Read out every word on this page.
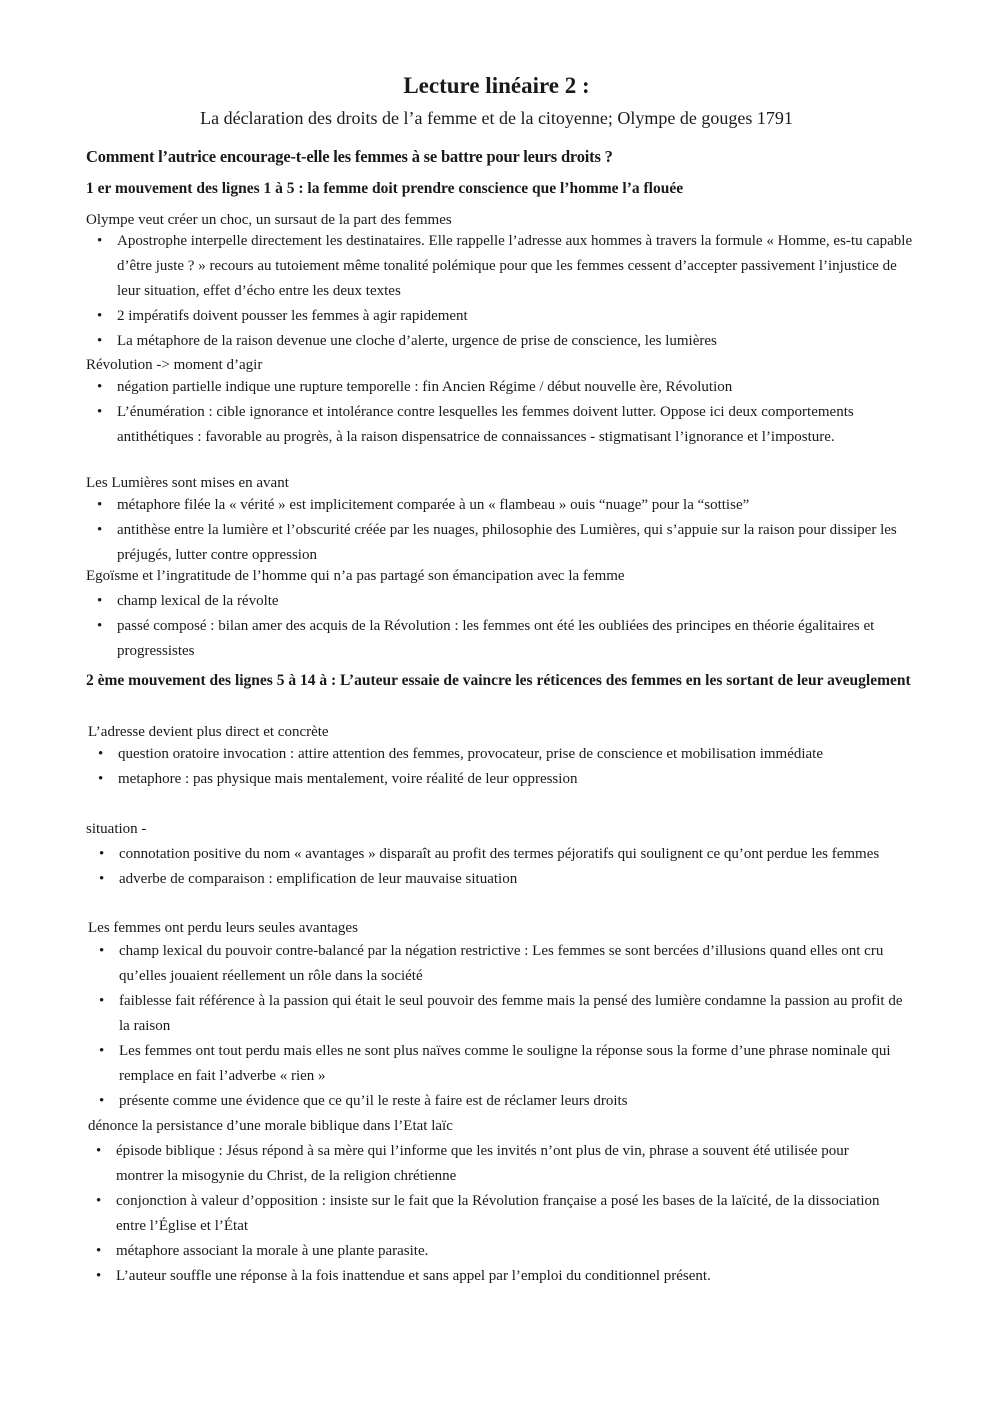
Lecture linéaire 2 :

La déclaration des droits de l’a femme et de la citoyenne; Olympe de gouges 1791

Comment l’autrice encourage-t-elle les femmes à se battre pour leurs droits ?

1 er mouvement des lignes 1 à 5 : la femme doit prendre conscience que l’homme l’a flouée

Olympe veut créer un choc, un sursaut de la part des femmes

• Apostrophe interpelle directement les destinataires. Elle rappelle l’adresse aux hommes à travers la formule « Homme, es-tu capable d’être juste ? » recours au tutoiement même tonalité polémique pour que les femmes cessent d’accepter passivement l’injustice de leur situation, effet d’écho entre les deux textes
• 2 impératifs doivent pousser les femmes à agir rapidement
• La métaphore de la raison devenue une cloche d’alerte, urgence de prise de conscience, les lumières

Révolution -> moment d’agir

• négation partielle indique une rupture temporelle : fin Ancien Régime / début nouvelle ère, Révolution
• L’énumération : cible ignorance et intolérance contre lesquelles les femmes doivent lutter. Oppose ici deux comportements antithétiques : favorable au progrès, à la raison dispensatrice de connaissances - stigmatisant l’ignorance et l’imposture.

Les Lumières sont mises en avant

• métaphore filée la « vérité » est implicitement comparée à un « flambeau » ouis “nuage” pour la “sottise”
• antithèse entre la lumière et l’obscurité créée par les nuages, philosophie des Lumières, qui s’appuie sur la raison pour dissiper les préjugés, lutter contre oppression

Egoïsme et l’ingratitude de l’homme qui n’a pas partagé son émancipation avec la femme

• champ lexical de la révolte
• passé composé : bilan amer des acquis de la Révolution : les femmes ont été les oubliées des principes en théorie égalitaires et progressistes
2 ème mouvement des lignes 5 à 14 à : L’auteur essaie de vaincre les réticences des femmes en les sortant de leur aveuglement

L’adresse devient plus direct et concrète

• question oratoire invocation : attire attention des femmes, provocateur, prise de conscience et mobilisation immédiate
• metaphore : pas physique mais mentalement, voire réalité de leur oppression

situation -

• connotation positive du nom « avantages » disparaît au profit des termes péjoratifs qui soulignent ce qu’ont perdue les femmes
• adverbe de comparaison : emplification de leur mauvaise situation

Les femmes ont perdu leurs seules avantages

• champ lexical du pouvoir contre-balancé par la négation restrictive : Les femmes se sont bercées d’illusions quand elles ont cru qu’elles jouaient réellement un rôle dans la société
• faiblesse fait référence à la passion qui était le seul pouvoir des femme mais la pensé des lumière condamne la passion au profit de la raison
• Les femmes ont tout perdu mais elles ne sont plus naïves comme le souligne la réponse sous la forme d’une phrase nominale qui remplace en fait l’adverbe « rien »
• présente comme une évidence que ce qu’il le reste à faire est de réclamer leurs droits

dénonce la persistance d’une morale biblique dans l’Etat laïc

• épisode biblique : Jésus répond à sa mère qui l’informe que les invités n’ont plus de vin, phrase a souvent été utilisée pour montrer la misogynie du Christ, de la religion chrétienne
• conjonction à valeur d’opposition : insiste sur le fait que la Révolution française a posé les bases de la laïcité, de la dissociation entre l’Église et l’État
• métaphore associant la morale à une plante parasite.
• L’auteur souffle une réponse à la fois inattendue et sans appel par l’emploi du conditionnel présent.
